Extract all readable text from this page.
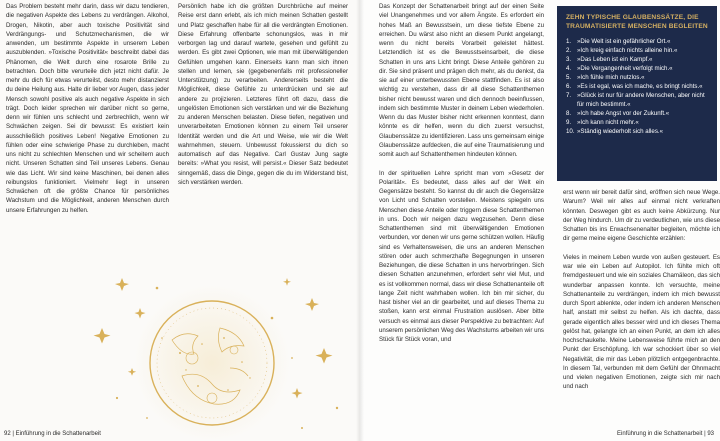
Das Problem besteht mehr darin, dass wir dazu tendieren, die negativen Aspekte des Lebens zu verdrängen. Alkohol, Drogen, Nikotin, aber auch toxische Positivität sind Verdrängungs- und Schutzmechanismen, die wir anwenden, um bestimmte Aspekte in unserem Leben auszublenden. »Toxische Positivität« beschreibt dabei das Phänomen, die Welt durch eine rosarote Brille zu betrachten. Doch bitte verurteile dich jetzt nicht dafür. Je mehr du dich für etwas verurteilst, desto mehr distanzierst du deine Heilung aus. Halte dir lieber vor Augen, dass jeder Mensch sowohl positive als auch negative Aspekte in sich trägt. Doch leider sprechen wir darüber nicht so gerne, denn wir fühlen uns schlecht und zerbrechlich, wenn wir Schwächen zeigen. Sei dir bewusst: Es existiert kein ausschließlich positives Leben! Negative Emotionen zu fühlen oder eine schwierige Phase zu durchleben, macht uns nicht zu schlechten Menschen und wir scheitern auch nicht. Unseren Schatten sind Teil unseres Lebens. Genau wie das Licht. Wir sind keine Maschinen, bei denen alles reibungslos funktioniert. Vielmehr liegt in unseren Schwächen oft die größte Chance für persönliches Wachstum und die Möglichkeit, anderen Menschen durch unsere Erfahrungen zu helfen.

Persönlich habe ich die größten Durchbrüche auf meiner Reise erst dann erlebt, als ich mich meinen Schatten gestellt und Platz geschaffen habe für all die verdrängten Emotionen. Diese Erfahrung offenbarte schonungslos, was in mir verborgen lag und darauf wartete, gesehen und gefühlt zu werden. Es gibt zwei Optionen, wie man mit überwältigenden Gefühlen umgehen kann. Einerseits kann man sich ihnen stellen und lernen, sie (gegebenenfalls mit professioneller Unterstützung) zu verarbeiten. Andererseits besteht die Möglichkeit, diese Gefühle zu unterdrücken und sie auf andere zu projizieren. Letzteres führt oft dazu, dass die ungelösten Emotionen sich verstärken und wir die Beziehung zu anderen Menschen belasten. Diese tiefen, negativen und unverarbeiteten Emotionen können zu einem Teil unserer Identität werden und die Art und Weise, wie wir die Welt wahrnehmen, steuern. Unbewusst fokussierst du dich so automatisch auf das Negative. Carl Gustav Jung sagte bereits: »What you resist, will persist.« Dieser Satz bedeutet sinngemäß, dass die Dinge, gegen die du im Widerstand bist, sich verstärken werden.

92 | Einführung in die Schattenarbeit

Das Konzept der Schattenarbeit bringt auf der einen Seite viel Unangenehmes und vor allem Ängste. Es erfordert ein hohes Maß an Bewusstsein, um diese tiefste Ebene zu erreichen. Du wärst also nicht an diesem Punkt angelangt, wenn du nicht bereits Vorarbeit geleistet hättest. Letztendlich ist es die Bewusstseinsarbeit, die diese Schatten in uns ans Licht bringt. Diese Anteile gehören zu dir. Sie sind präsent und prägen dich mehr, als du denkst, da sie auf einer unterbewussten Ebene stattfinden. Es ist also wichtig zu verstehen, dass dir all diese Schattenthemen bisher nicht bewusst waren und dich dennoch beeinflussen, indem sich bestimmte Muster in deinem Leben wiederholen. Wenn du das Muster bisher nicht erkennen konntest, dann könnte es dir helfen, wenn du dich zuerst versuchst, Glaubenssätze zu identifizieren. Lass uns gemeinsam einige Glaubenssätze aufdecken, die auf eine Traumatisierung und somit auch auf Schattenthemen hindeuten können.

In der spirituellen Lehre spricht man vom »Gesetz der Polarität«. Es bedeutet, dass alles auf der Welt ein Gegensätze besteht. So kannst du dir auch die Gegensätze von Licht und Schatten vorstellen. Meistens spiegeln uns Menschen diese Anteile oder triggern diese Schattenthemen in uns. Doch wir neigen dazu wegzusehen. Denn diese Schattenthemen sind mit überwältigenden Emotionen verbunden, vor denen wir uns gerne schützen wollen. Häufig sind es Verhaltensweisen, die uns an anderen Menschen stören oder auch schmerzhafte Begegnungen in unseren Beziehungen, die diese Schatten in uns hervorbringen. Sich diesen Schatten anzunehmen, erfordert sehr viel Mut, und es ist vollkommen normal, dass wir diese Schattenanteile oft lange Zeit nicht wahrhaben wollen. Ich bin mir sicher, du hast bisher viel an dir gearbeitet, und auf dieses Thema zu stoßen, kann erst einmal Frustration auslösen. Aber bitte versuch es einmal aus dieser Perspektive zu betrachten: Auf unserem persönlichen Weg des Wachstums arbeiten wir uns Stück für Stück voran, und

ZEHN TYPISCHE GLAUBENSSÄTZE, DIE TRAUMATISIERTE MENSCHEN BEGLEITEN
1. »Die Welt ist ein gefährlicher Ort.«
2. »Ich kreig einfach nichts alleine hin.«
3. »Das Leben ist ein Kampf.«
4. »Die Vergangenheit verfolgt mich.«
5. »Ich fühle mich nutzlos.«
6. »Es ist egal, was ich mache, es bringt nichts.«
7. »Glück ist nur für andere Menschen, aber nicht für mich bestimmt.«
8. »Ich habe Angst vor der Zukunft.«
9. »Ich kann nicht mehr.«
10. »Ständig wiederholt sich alles.«

erst wenn wir bereit dafür sind, eröffnen sich neue Wege. Warum? Weil wir alles auf einmal nicht verkraften könnten. Deswegen gibt es auch keine Abkürzung. Nur der Weg hindurch. Um dir zu verdeutlichen, wie uns diese Schatten bis ins Erwachsenenalter begleiten, möchte ich dir gerne meine eigene Geschichte erzählen:

Vieles in meinem Leben wurde von außen gesteuert. Es war wie ein Leben auf Autopilot. Ich fühlte mich oft fremdgesteuert und wie ein soziales Chamäleon, das sich wunderbar anpassen konnte. Ich versuchte, meine Schattenanteile zu verdrängen, indem ich mich bewusst durch Sport ablenkte, oder indem ich anderen Menschen half, anstatt mir selbst zu helfen. Als ich dachte, dass gerade eigentlich alles besser wird und ich dieses Thema gelöst hat, gelangte ich an einen Punkt, an dem ich alles hochschaukelte. Meine Lebensweise führte mich an den Punkt der Erschöpfung. Ich war schockiert über so viel Negativität, die mir das Leben plötzlich entgegenbrachte. In diesem Tal, verbunden mit dem Gefühl der Ohnmacht und vielen negativen Emotionen, zeigte sich mir nach und nach

Einführung in die Schattenarbeit | 93
